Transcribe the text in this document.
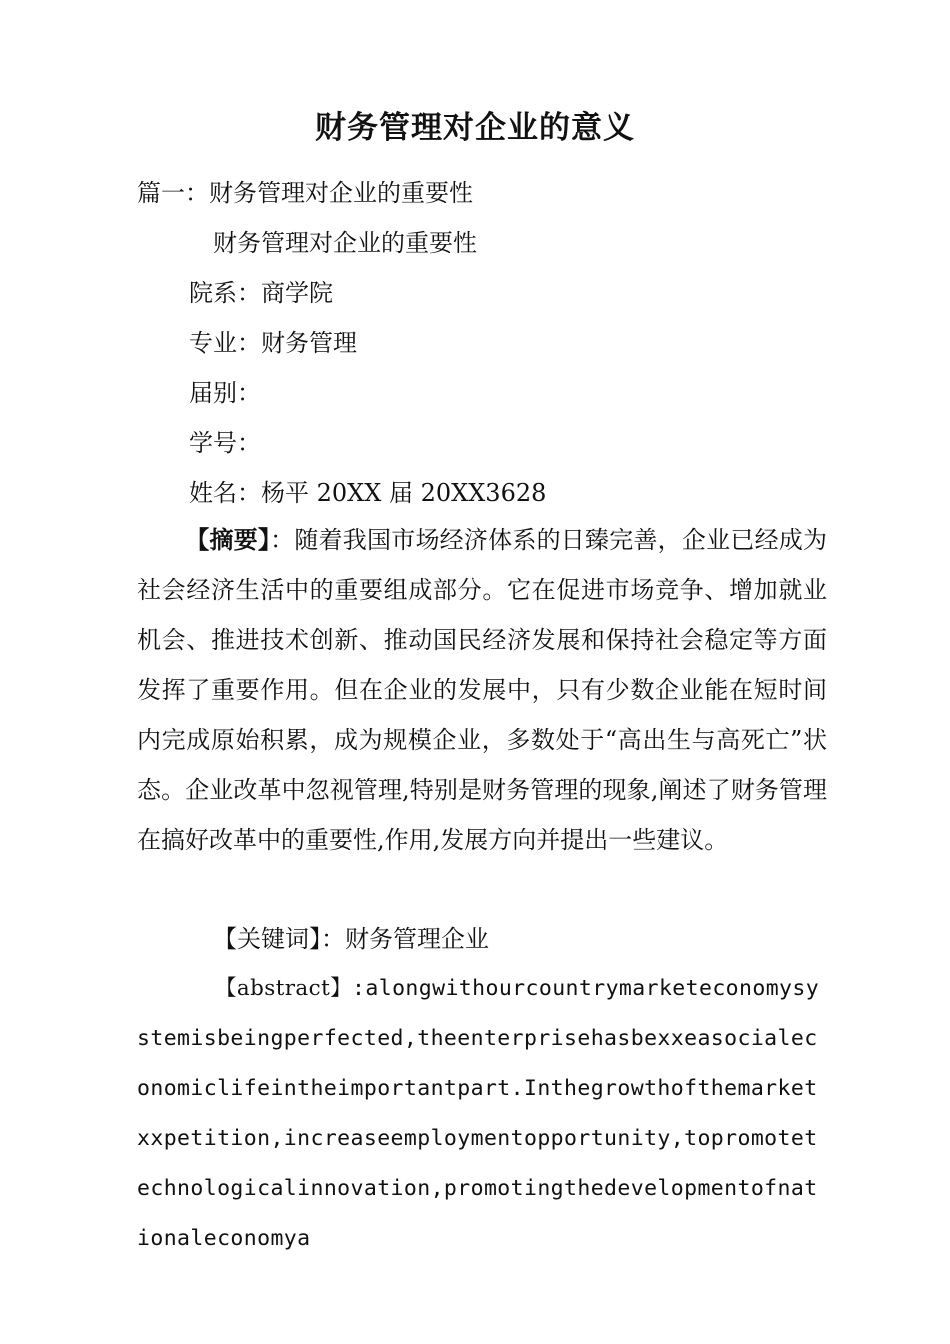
财务管理对企业的意义
篇一：财务管理对企业的重要性
财务管理对企业的重要性
院系：商学院
专业：财务管理
届别：
学号：
姓名：杨平 20XX 届 20XX3628
【摘要】：随着我国市场经济体系的日臻完善，企业已经成为社会经济生活中的重要组成部分。它在促进市场竞争、增加就业机会、推进技术创新、推动国民经济发展和保持社会稳定等方面发挥了重要作用。但在企业的发展中，只有少数企业能在短时间内完成原始积累，成为规模企业，多数处于“高出生与高死亡”状态。企业改革中忽视管理,特别是财务管理的现象,阐述了财务管理在搞好改革中的重要性,作用,发展方向并提出一些建议。
【关键词】：财务管理企业
【abstract】:alongwithourcountrymarketeconomysystemisbeingperfected,theenterprisehasbexxeasocialeconomiclifeintheimportantpart.Inthegrowthofthemarketxxpetition,increaseemploymentopportunity,topromotetechnologicalinnovation,promotingthedevelopmentofnationaleconomya
